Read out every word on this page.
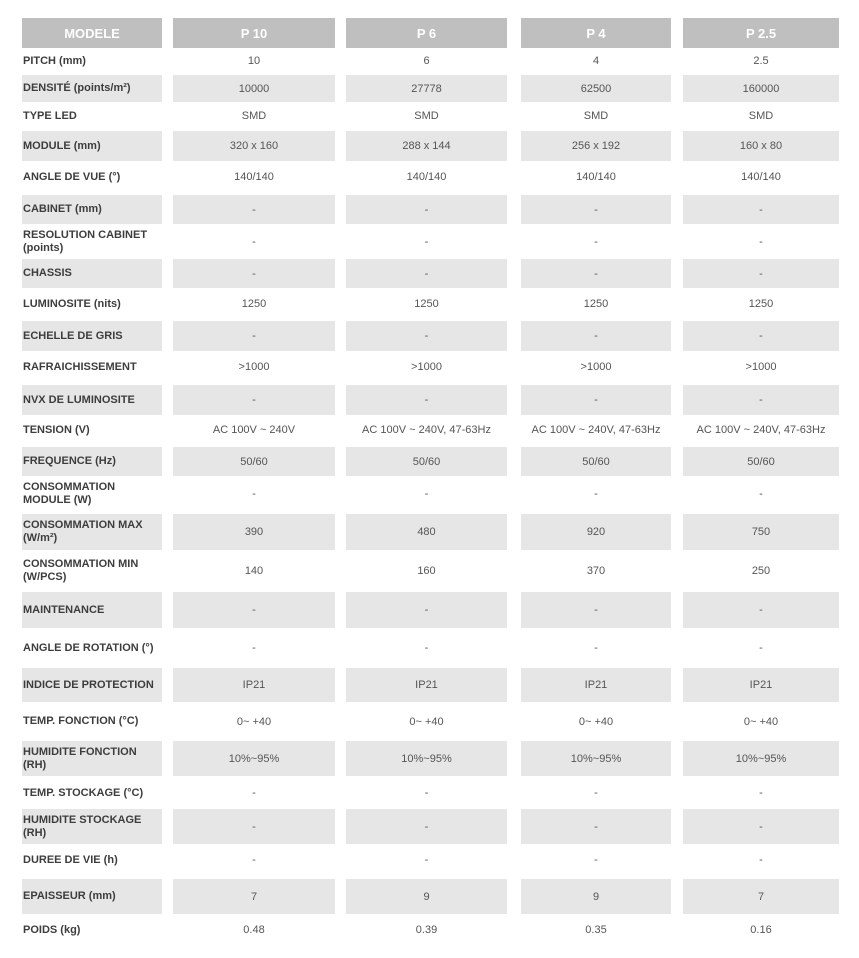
MODELE	P 10	P 6	P 4	P 2.5
PITCH (mm)	10	6	4	2.5
DENSITÉ (points/m²)	10000	27778	62500	160000
TYPE LED	SMD	SMD	SMD	SMD
MODULE (mm)	320 x 160	288 x 144	256 x 192	160 x 80
ANGLE DE VUE (°)	140/140	140/140	140/140	140/140
CABINET (mm)	-	-	-	-
RESOLUTION CABINET (points)	-	-	-	-
CHASSIS	-	-	-	-
LUMINOSITE (nits)	1250	1250	1250	1250
ECHELLE DE GRIS	-	-	-	-
RAFRAICHISSEMENT	>1000	>1000	>1000	>1000
NVX DE LUMINOSITE	-	-	-	-
TENSION (V)	AC 100V ~ 240V	AC 100V ~ 240V, 47-63Hz	AC 100V ~ 240V, 47-63Hz	AC 100V ~ 240V, 47-63Hz
FREQUENCE (Hz)	50/60	50/60	50/60	50/60
CONSOMMATION MODULE (W)	-	-	-	-
CONSOMMATION MAX (W/m²)	390	480	920	750
CONSOMMATION MIN (W/PCS)	140	160	370	250
MAINTENANCE	-	-	-	-
ANGLE DE ROTATION (°)	-	-	-	-
INDICE DE PROTECTION	IP21	IP21	IP21	IP21
TEMP. FONCTION (°C)	0~ +40	0~ +40	0~ +40	0~ +40
HUMIDITE FONCTION (RH)	10%~95%	10%~95%	10%~95%	10%~95%
TEMP. STOCKAGE (°C)	-	-	-	-
HUMIDITE STOCKAGE (RH)	-	-	-	-
DUREE DE VIE (h)	-	-	-	-
EPAISSEUR (mm)	7	9	9	7
POIDS (kg)	0.48	0.39	0.35	0.16
